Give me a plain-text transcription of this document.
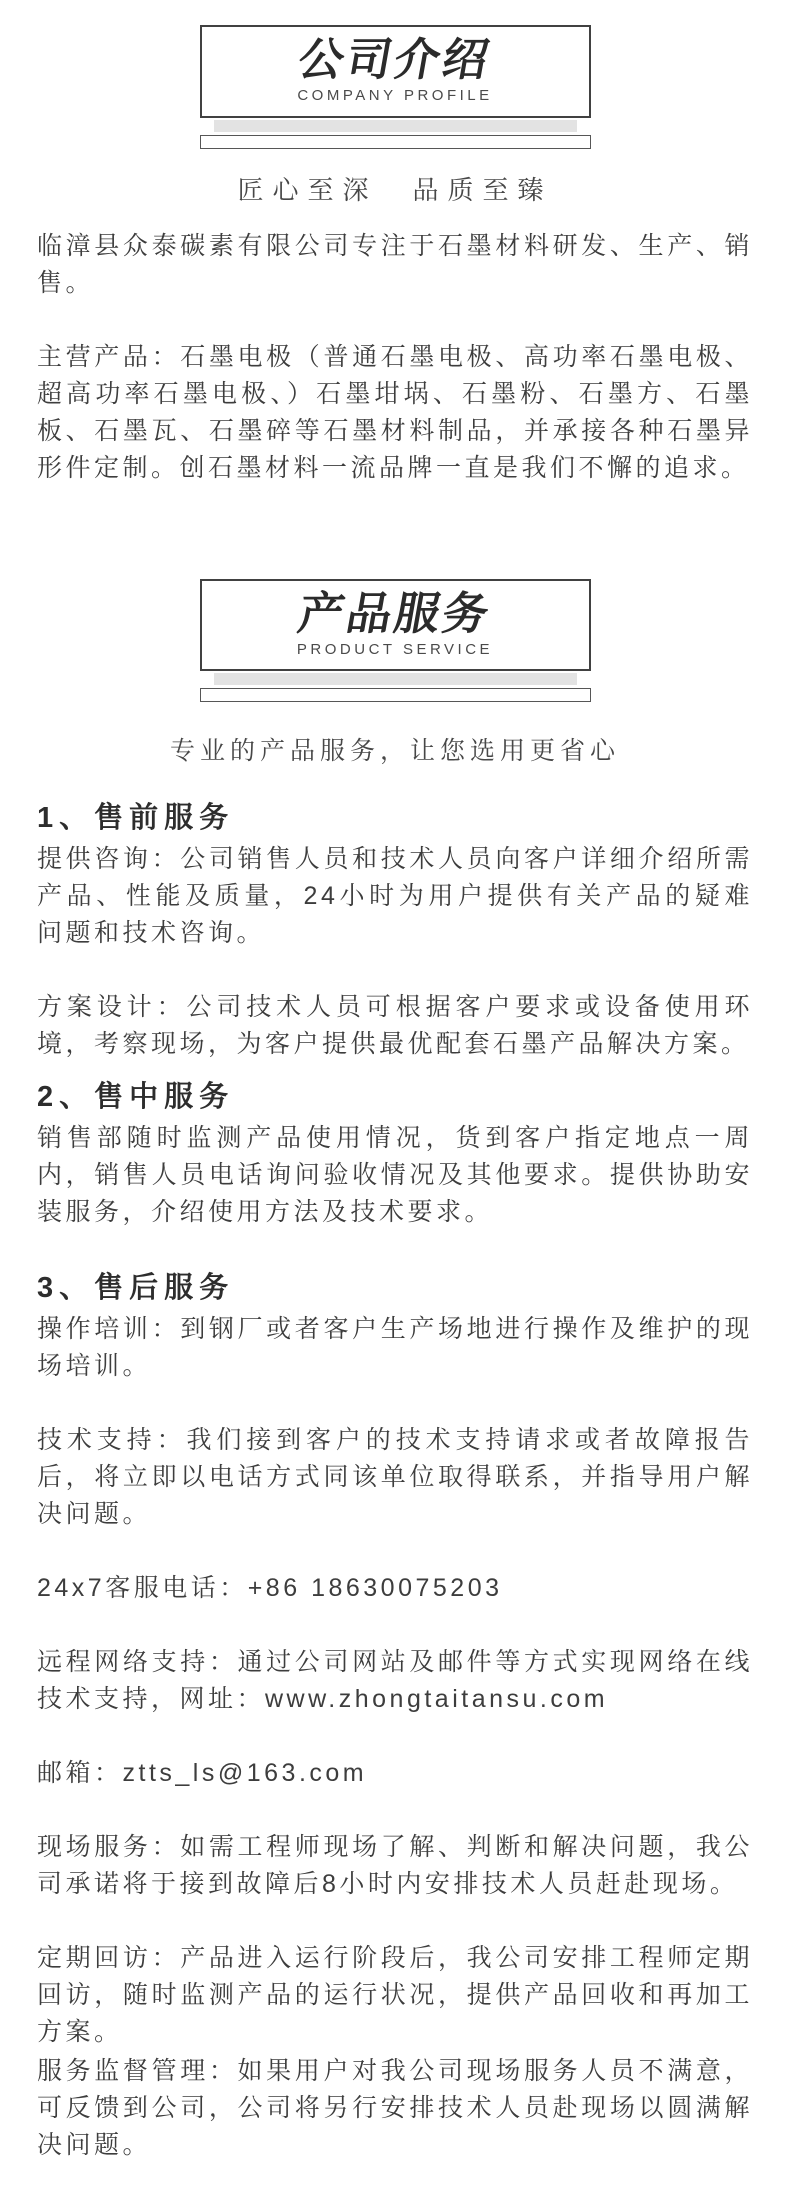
公司介绍
COMPANY PROFILE
匠心至深　品质至臻

临漳县众泰碳素有限公司专注于石墨材料研发、生产、销售。

主营产品：石墨电极（普通石墨电极、高功率石墨电极、超高功率石墨电极、）石墨坩埚、石墨粉、石墨方、石墨板、石墨瓦、石墨碎等石墨材料制品，并承接各种石墨异形件定制。创石墨材料一流品牌一直是我们不懈的追求。

产品服务
PRODUCT SERVICE
专业的产品服务，让您选用更省心
1、售前服务

提供咨询：公司销售人员和技术人员向客户详细介绍所需产品、性能及质量，24小时为用户提供有关产品的疑难问题和技术咨询。

方案设计：公司技术人员可根据客户要求或设备使用环境，考察现场，为客户提供最优配套石墨产品解决方案。

2、售中服务

销售部随时监测产品使用情况，货到客户指定地点一周内，销售人员电话询问验收情况及其他要求。提供协助安装服务，介绍使用方法及技术要求。

3、售后服务

操作培训：到钢厂或者客户生产场地进行操作及维护的现场培训。

技术支持：我们接到客户的技术支持请求或者故障报告后，将立即以电话方式同该单位取得联系，并指导用户解决问题。

24x7客服电话：+86 18630075203

远程网络支持：通过公司网站及邮件等方式实现网络在线技术支持，网址：www.zhongtaitansu.com

邮箱：ztts_ls@163.com

现场服务：如需工程师现场了解、判断和解决问题，我公司承诺将于接到故障后8小时内安排技术人员赶赴现场。

定期回访：产品进入运行阶段后，我公司安排工程师定期回访，随时监测产品的运行状况，提供产品回收和再加工方案。

服务监督管理：如果用户对我公司现场服务人员不满意，可反馈到公司，公司将另行安排技术人员赴现场以圆满解决问题。
